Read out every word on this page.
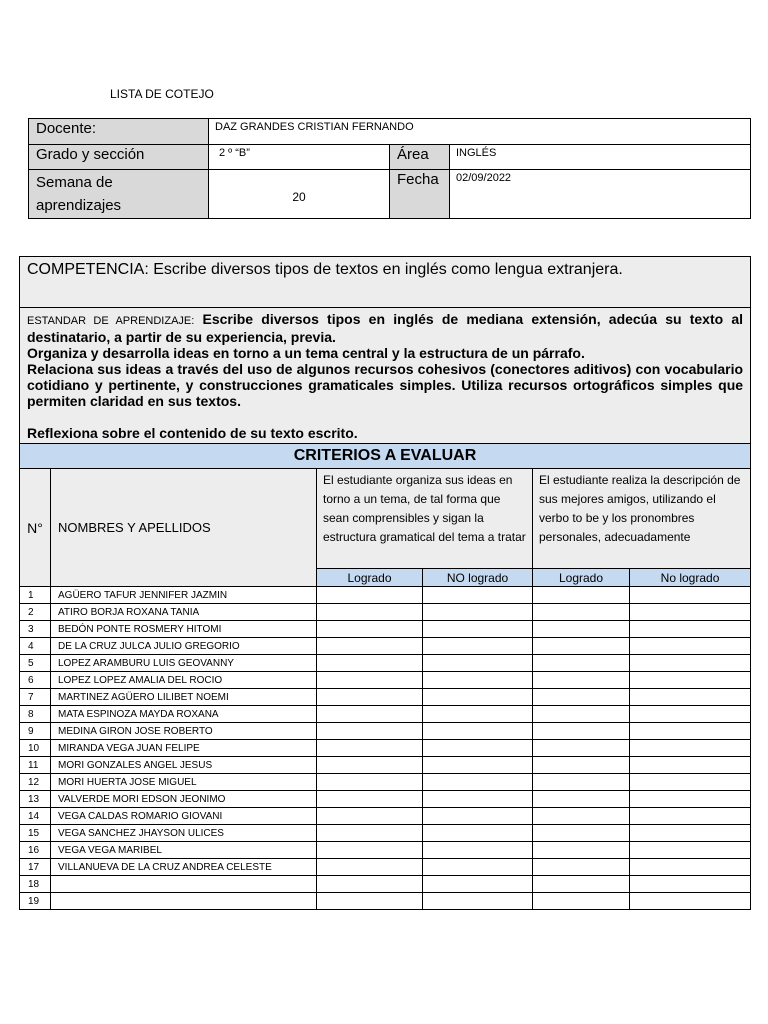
LISTA DE COTEJO
Docente:	DAZ GRANDES CRISTIAN FERNANDO		
Grado y sección	2 º “B”	Área	INGLÉS

Semana de
aprendizajes	20	Fecha	02/09/2022
COMPETENCIA: Escribe diversos tipos de textos en inglés como lengua extranjera.					

ESTANDAR DE APRENDIZAJE: Escribe diversos tipos en inglés de mediana extensión, adecúa su texto al destinatario, a partir de su experiencia, previa.

Organiza y desarrolla ideas en torno a un tema central y la estructura de un párrafo.

Relaciona sus ideas a través del uso de algunos recursos cohesivos (conectores aditivos) con vocabulario cotidiano y pertinente, y construcciones gramaticales simples. Utiliza recursos ortográficos simples que permiten claridad en sus textos.

Reflexiona sobre el contenido de su texto escrito.					

CRITERIOS A EVALUAR					
N°	NOMBRES Y APELLIDOS	El estudiante organiza sus ideas en torno a un tema, de tal forma que sean comprensibles y sigan la estructura gramatical del tema a tratar		El estudiante realiza la descripción de sus mejores amigos, utilizando el verbo to be y los pronombres personales, adecuadamente	
		Logrado	NO logrado	Logrado	No logrado
1	AGÜERO TAFUR JENNIFER JAZMIN				
2	ATIRO BORJA ROXANA TANIA				
3	BEDÓN PONTE ROSMERY HITOMI				
4	DE LA CRUZ JULCA JULIO GREGORIO				
5	LOPEZ ARAMBURU LUIS GEOVANNY				
6	LOPEZ LOPEZ AMALIA DEL ROCIO				
7	MARTINEZ AGÜERO LILIBET NOEMI				
8	MATA ESPINOZA MAYDA ROXANA				
9	MEDINA GIRON JOSE ROBERTO				
10	MIRANDA VEGA JUAN FELIPE				
11	MORI GONZALES ANGEL JESUS				
12	MORI HUERTA JOSE MIGUEL				
13	VALVERDE MORI EDSON JEONIMO				
14	VEGA CALDAS ROMARIO GIOVANI				
15	VEGA SANCHEZ JHAYSON ULICES				
16	VEGA VEGA MARIBEL				
17	VILLANUEVA DE LA CRUZ ANDREA CELESTE				
18					
19					
